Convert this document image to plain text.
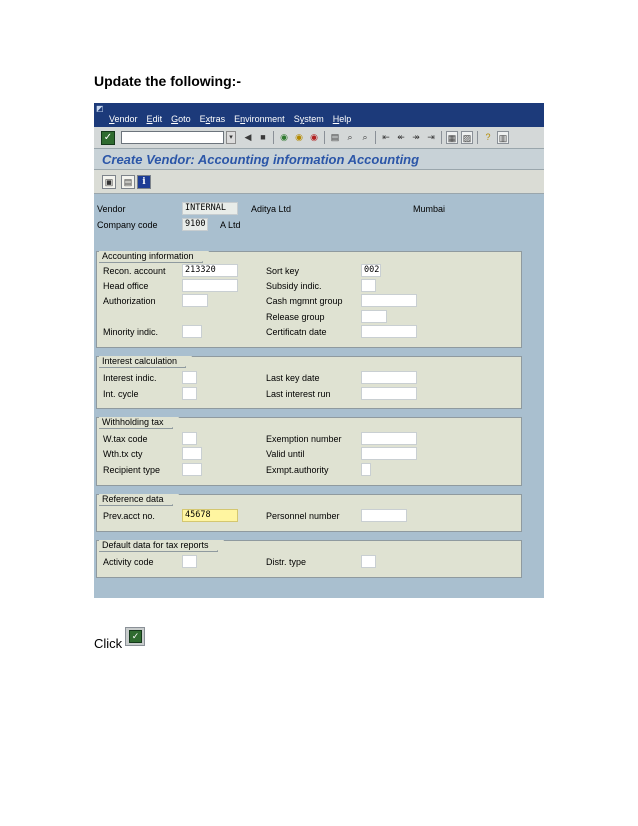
Update the following:-
◩
Vendor Edit Goto Extras Environment System Help
✓	▾	◀ ■	◉ ◉ ◉ ▤ ⌕	⌕	⇤ ↞ ↠ ⇥ ▦ ▨	? ▥
Create Vendor: Accounting information Accounting
▣	▤	i
Vendor	INTERNAL	Aditya Ltd	Mumbai
Company code	9100 A Ltd
Accounting information
Recon. account	213320
Head office
Authorization
Minority indic.
Sort key	002
Subsidy indic.
Cash mgmnt group
Release group
Certificatn date
Interest calculation
Interest indic.
Int. cycle
Last key date
Last interest run
Withholding tax
W.tax code
Wth.tx cty
Recipient type
Exemption number
Valid until
Exmpt.authority
Reference data
Prev.acct no.	45678	Personnel number
Default data for tax reports
Activity code	Distr. type
Click	✓
